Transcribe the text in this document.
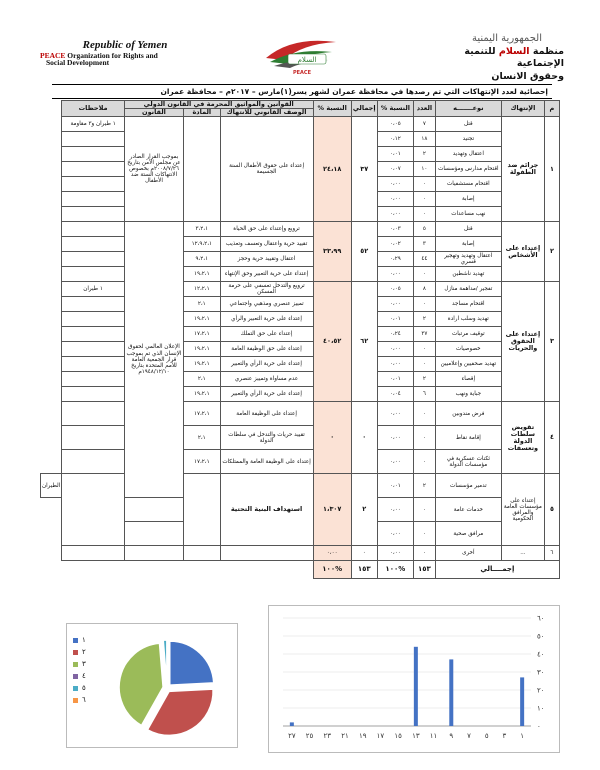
Republic of Yemen
PEACE Organization for Rights and
Social Development	السلام
PEACE
الجمهورية اليمنية
منظمة السلام للتنمية الإجتماعية
وحقوق الانسان
إحصائية لعدد الإنتهاكات التي تم رصدها في محافظة عمران لشهر يسر(١)مارس – ٢٠١٧م – محافظة عمران
م	الإنتهاك	نوعـــــــه	العدد	النسبة %	إجمالي	النسبة %	القوانين والمواثيق المحرمة في القانون الدولي			ملاحظات	
							الوصف القانوني للانتهاك	المادة	القانون		
١	جرائم ضد الطفولة	قتل	٧	٠،٠٥	٣٧	٢٤،١٨	إعتداء على حقوق الأطفال السنة الجسيمة		بموجب القرار الصادر عن مجلس الأمن بتاريخ ٢٠٠٨/٧/٢٦م بخصوص الانتهاكات الستة ضد الأطفال	١ طيران و٣ مقاومة	
		تجنيد	١٨	٠،١٢							
		اعتقال وتهديد	٢	٠،٠١							
		اقتحام مدارس ومؤسسات	١٠	٠،٠٧							
		اقتحام مستشفيات	٠	٠،٠٠							
		إصابة	٠	٠،٠٠							
		نهب مساعدات	٠	٠،٠٠							
٢	إعتداء على الأشخاص	قتل	٥	٠،٠٣	٥٢	٣٣،٩٩	ترويع وإعتداء على حق الحياة	٣،٢،١	الإعلان العالمي لحقوق الإنسان الذي تم بموجب قرار الجمعية العامة للأمم المتحدة بتاريخ ١٩٤٨/١٢/١٠م		
		إصابة	٣	٠،٠٢			تقييد حرية واعتقال وتعسف وتعذيب	١٢،٩،٢،١			
		اعتقال وتهديد وتهجير قسري	٤٤	٠،٢٩			اعتقال وتقييد حرية وحجز	٩،٢،١			
		تهديد ناشطين	٠	٠،٠٠			إعتداء على حرية التعبير وحق الإنتهاء	١٩،٢،١			
٣	إعتداء على الحقوق والحريات	تفجير /مداهمة منازل	٨	٠،٠٥	٦٢	٤٠،٥٢	ترويع والتدخل تعسفي على حرمة المسكن	١٢،٢،١		١ طيران	
		اقتحام مساجد	٠	٠،٠٠			تمييز عنصري ومذهبي واجتماعي	٢،١			
		تهديد وسلب ارادة	٢	٠،٠١			إعتداء على حرية التعبير والرأي	١٩،٢،١			
		توقيف مرتبات	٣٧	٠،٢٤			إعتداء على حق التملك	١٧،٢،١			
		خصوصيات	٠	٠،٠٠			إعتداء على حق الوظيفة العامة	١٩،٢،١			
		تهديد صحفيين وإعلاميين	٠	٠،٠٠			إعتداء على حرية الرأي والتعبير	١٩،٢،١			
		إقصاء	٢	٠،٠١			عدم مساواة وتمييز عنصري	٢،١			
		جباية ونهب	٦	٠،٠٤			إعتداء على حرية الرأي والتعبير	١٩،٢،١			
٤	تقويض سلطات الدولة وتعسفات	فرض مندوبين	٠	٠،٠٠	٠	٠	إعتداء على الوظيفة العامة	١٧،٢،١			
		إقامة نقاط	٠	٠،٠٠			تقييد حريات والتدخل في سلطات الدولة	٢،١			
		ثكنات عسكرية في مؤسسات الدولة	٠	٠،٠٠			إعتداء على الوظيفة العامة والممتلكات	١٧،٢،١			
٥	إعتداء على مؤسسات العامة والمرافق الحكومية	تدمير مؤسسات	٢	٠،٠١	٢	١،٣٠٧	استهداف البنية التحتية				الطيران
		خدمات عامة	٠	٠،٠٠							
		مرافق صحية	٠	٠،٠٠							
٦	...	أخرى	٠	٠،٠٠	٠	٠،٠٠					
إجمــــالي			١٥٣	%١٠٠	١٥٣	%١٠٠					
١
٢
٣
٤
٥
٦
٠
١٠
٢٠
٣٠
٤٠
٥٠
٦٠
١
٣
٥
٧
٩
١١
١٣
١٥
١٧
١٩
٢١
٢٣
٢٥
٢٧
